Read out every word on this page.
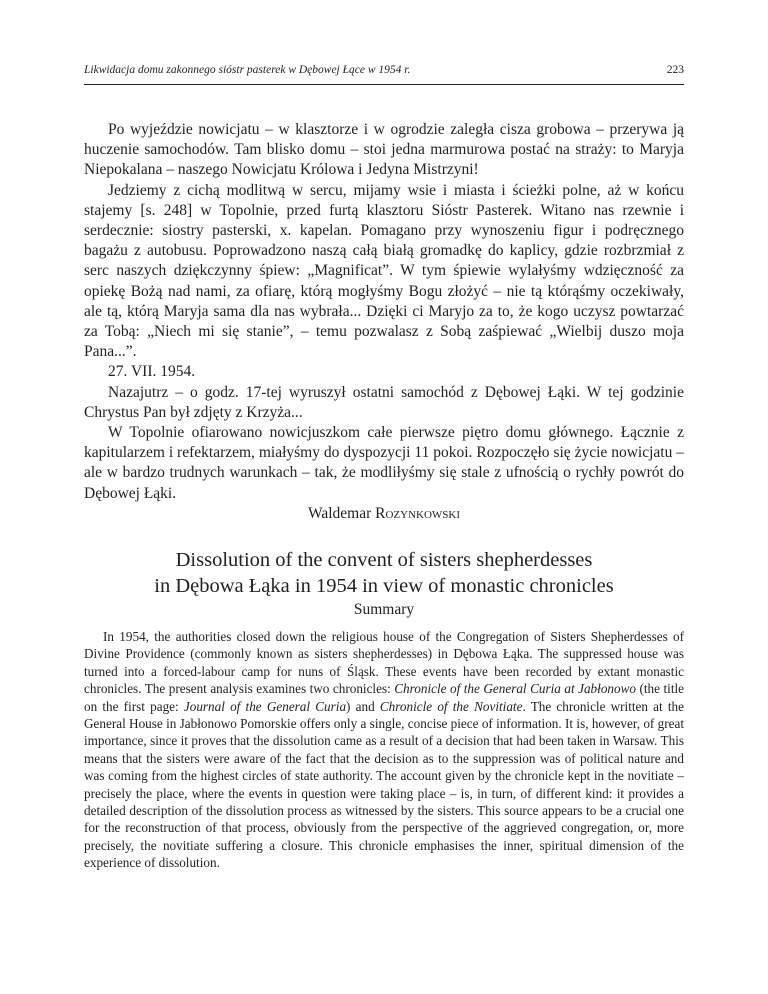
Likwidacja domu zakonnego sióstr pasterek w Dębowej Łące w 1954 r.	223

Po wyjeździe nowicjatu – w klasztorze i w ogrodzie zaległa cisza grobowa – przerywa ją huczenie samochodów. Tam blisko domu – stoi jedna marmurowa postać na straży: to Maryja Niepokalana – naszego Nowicjatu Królowa i Jedyna Mistrzyni!

Jedziemy z cichą modlitwą w sercu, mijamy wsie i miasta i ścieżki polne, aż w końcu stajemy [s. 248] w Topolnie, przed furtą klasztoru Sióstr Pasterek. Witano nas rzewnie i serdecznie: siostry pasterski, x. kapelan. Pomagano przy wynoszeniu figur i podręcznego bagażu z autobusu. Poprowadzono naszą całą białą gromadkę do kaplicy, gdzie rozbrzmiał z serc naszych dziękczynny śpiew: „Magnificat”. W tym śpiewie wylałyśmy wdzięczność za opiekę Bożą nad nami, za ofiarę, którą mogłyśmy Bogu złożyć – nie tą którąśmy oczekiwały, ale tą, którą Maryja sama dla nas wybrała... Dzięki ci Maryjo za to, że kogo uczysz powtarzać za Tobą: „Niech mi się stanie”, – temu pozwalasz z Sobą zaśpiewać „Wielbij duszo moja Pana...”.

27. VII. 1954.

Nazajutrz – o godz. 17-tej wyruszył ostatni samochód z Dębowej Łąki. W tej godzinie Chrystus Pan był zdjęty z Krzyża...

W Topolnie ofiarowano nowicjuszkom całe pierwsze piętro domu głównego. Łącznie z kapitularzem i refektarzem, miałyśmy do dyspozycji 11 pokoi. Rozpoczęło się życie nowicjatu – ale w bardzo trudnych warunkach – tak, że modliłyśmy się stale z ufnością o rychły powrót do Dębowej Łąki.

Waldemar Rozynkowski
Dissolution of the convent of sisters shepherdesses
in Dębowa Łąka in 1954 in view of monastic chronicles
Summary

In 1954, the authorities closed down the religious house of the Congregation of Sisters Shepherdesses of Divine Providence (commonly known as sisters shepherdesses) in Dębowa Łąka. The suppressed house was turned into a forced-labour camp for nuns of Śląsk. These events have been recorded by extant monastic chronicles. The present analysis examines two chronicles: Chronicle of the General Curia at Jabłonowo (the title on the first page: Journal of the General Curia) and Chronicle of the Novitiate. The chronicle written at the General House in Jabłonowo Pomorskie offers only a single, concise piece of information. It is, however, of great importance, since it proves that the dissolution came as a result of a decision that had been taken in Warsaw. This means that the sisters were aware of the fact that the decision as to the suppression was of political nature and was coming from the highest circles of state authority. The account given by the chronicle kept in the novitiate – precisely the place, where the events in question were taking place – is, in turn, of different kind: it provides a detailed description of the dissolution process as witnessed by the sisters. This source appears to be a crucial one for the reconstruction of that process, obviously from the perspective of the aggrieved congregation, or, more precisely, the novitiate suffering a closure. This chronicle emphasises the inner, spiritual dimension of the experience of dissolution.
